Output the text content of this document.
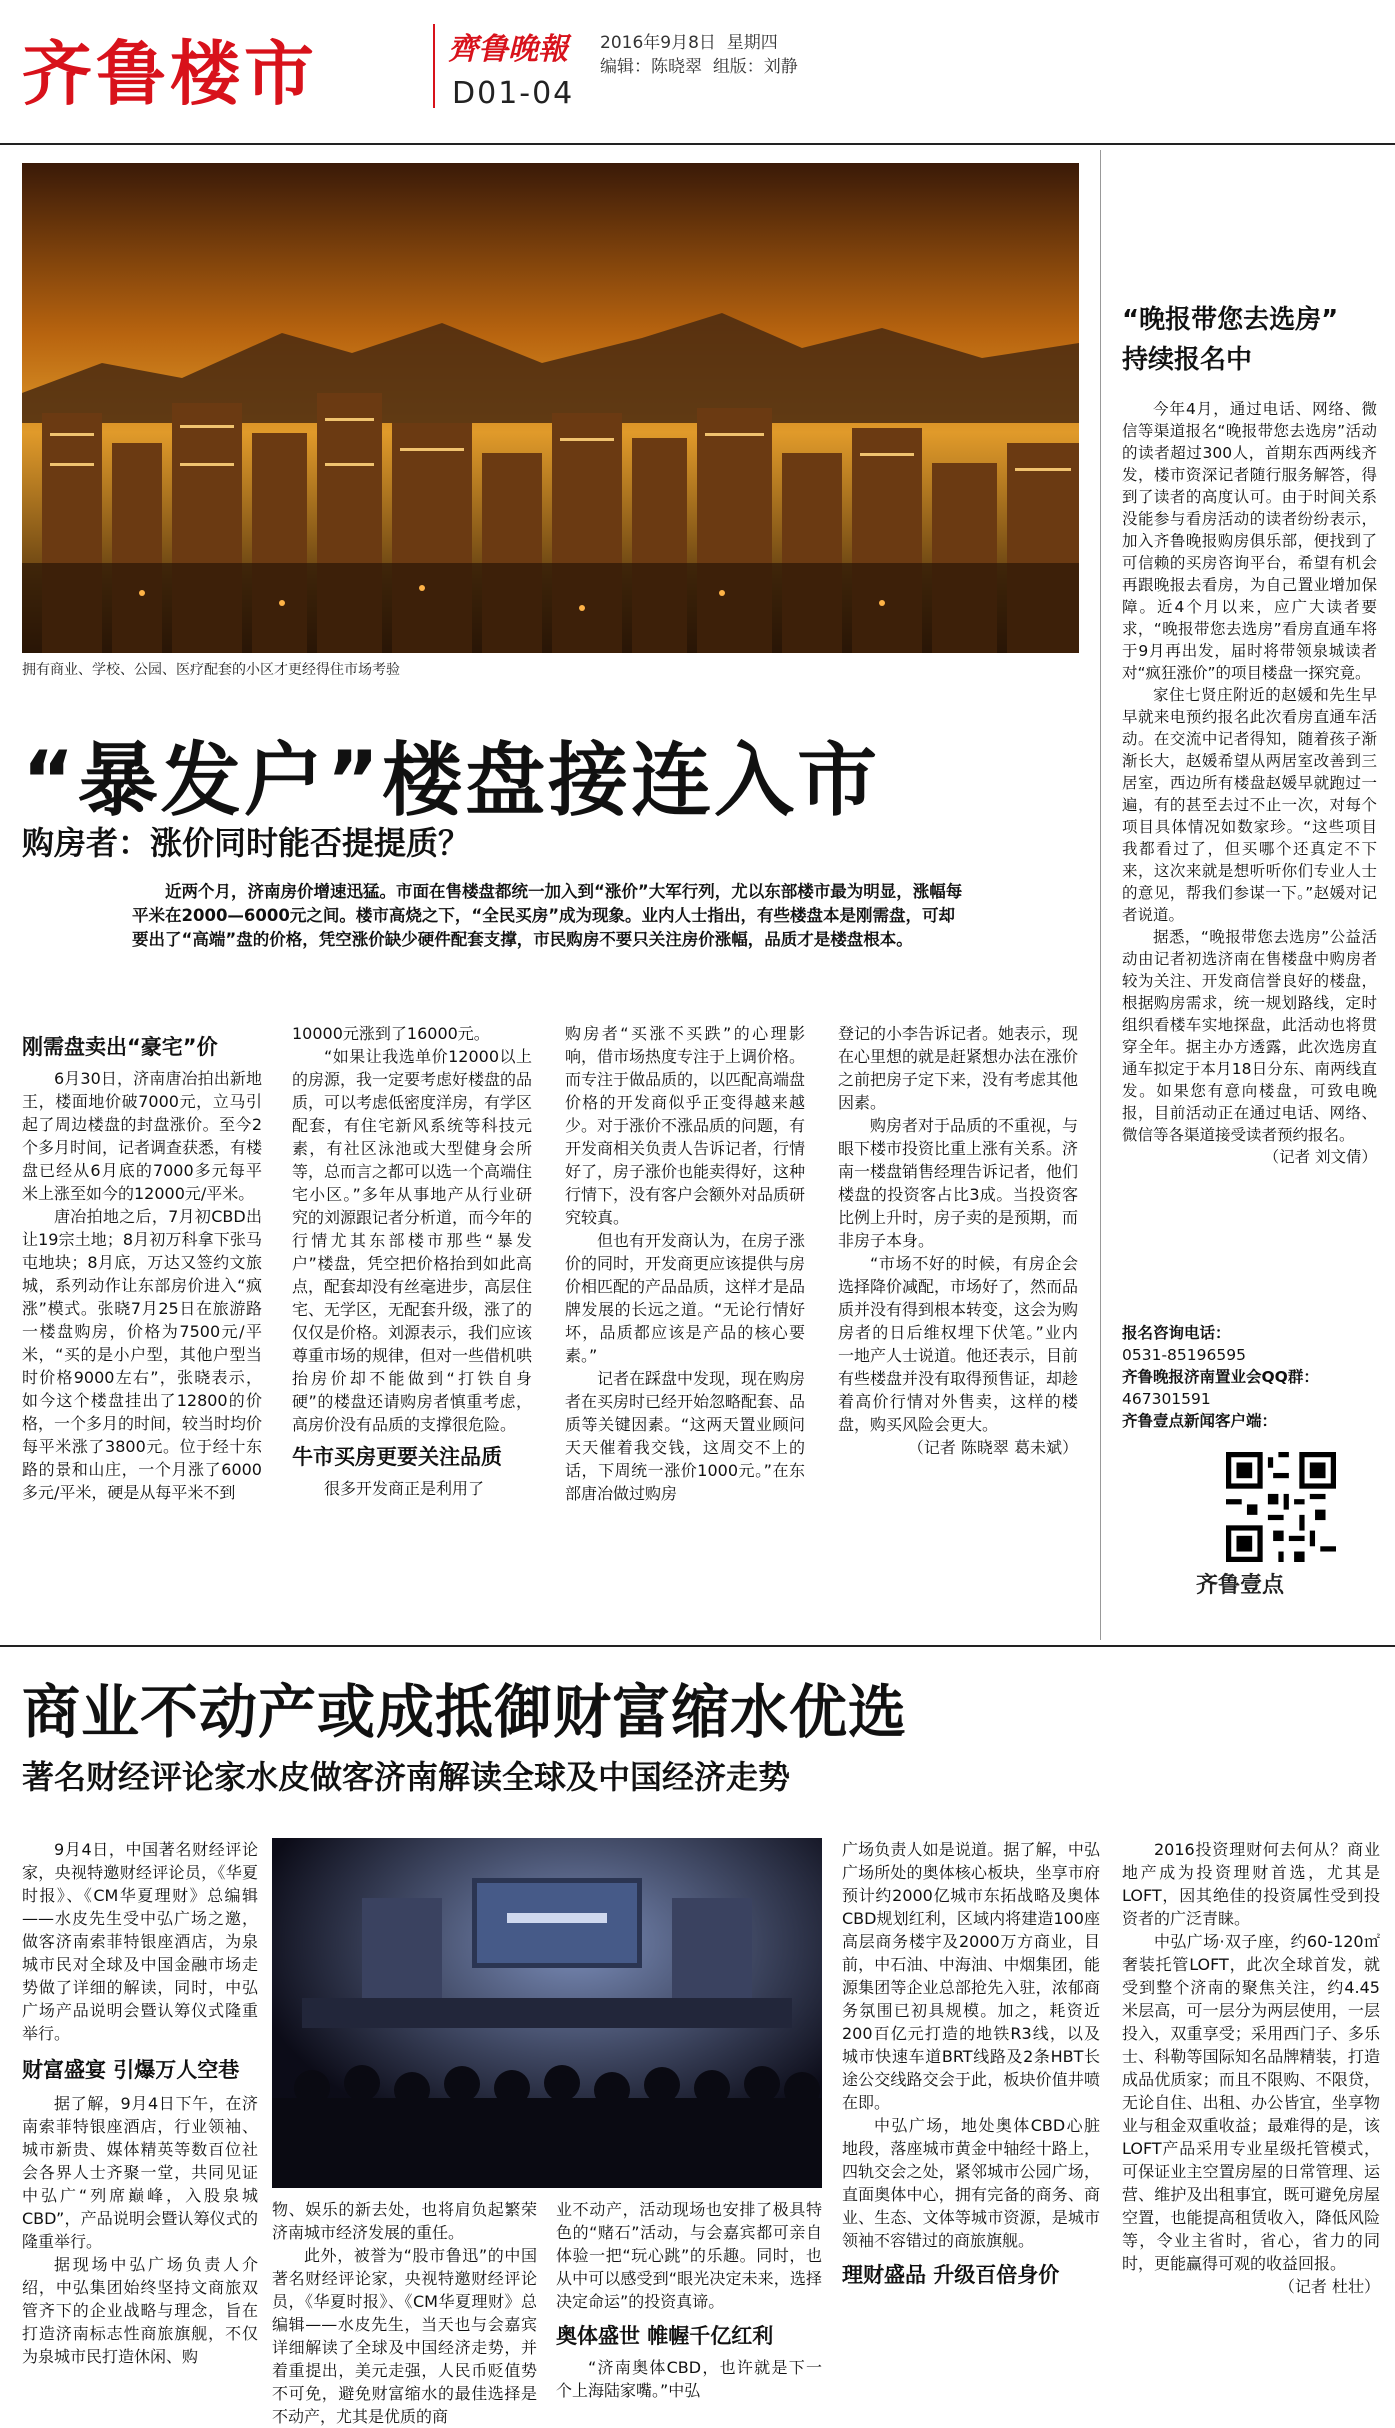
齐鲁楼市	齊鲁晚報 2016年9月8日 星期四
编辑：陈晓翠 组版：刘静
D01-04
拥有商业、学校、公园、医疗配套的小区才更经得住市场考验
“暴发户”楼盘接连入市
购房者：涨价同时能否提提质？
近两个月，济南房价增速迅猛。市面在售楼盘都统一加入到“涨价”大军行列，尤以东部楼市最为明显，涨幅每平米在2000—6000元之间。楼市高烧之下，“全民买房”成为现象。业内人士指出，有些楼盘本是刚需盘，可却要出了“高端”盘的价格，凭空涨价缺少硬件配套支撑，市民购房不要只关注房价涨幅，品质才是楼盘根本。
刚需盘卖出“豪宅”价

6月30日，济南唐冶拍出新地王，楼面地价破7000元，立马引起了周边楼盘的封盘涨价。至今2个多月时间，记者调查获悉，有楼盘已经从6月底的7000多元每平米上涨至如今的12000元/平米。

唐冶拍地之后，7月初CBD出让19宗土地；8月初万科拿下张马屯地块；8月底，万达又签约文旅城，系列动作让东部房价进入“疯涨”模式。张晓7月25日在旅游路一楼盘购房，价格为7500元/平米，“买的是小户型，其他户型当时价格9000左右”，张晓表示，如今这个楼盘挂出了12800的价格，一个多月的时间，较当时均价每平米涨了3800元。位于经十东路的景和山庄，一个月涨了6000多元/平米，硬是从每平米不到

10000元涨到了16000元。

“如果让我选单价12000以上的房源，我一定要考虑好楼盘的品质，可以考虑低密度洋房，有学区配套，有住宅新风系统等科技元素，有社区泳池或大型健身会所等，总而言之都可以选一个高端住宅小区。”多年从事地产从行业研究的刘源跟记者分析道，而今年的行情尤其东部楼市那些“暴发户”楼盘，凭空把价格抬到如此高点，配套却没有丝毫进步，高层住宅、无学区，无配套升级，涨了的仅仅是价格。刘源表示，我们应该尊重市场的规律，但对一些借机哄抬房价却不能做到“打铁自身硬”的楼盘还请购房者慎重考虑，高房价没有品质的支撑很危险。

牛市买房更要关注品质

很多开发商正是利用了

购房者“买涨不买跌”的心理影响，借市场热度专注于上调价格。而专注于做品质的，以匹配高端盘价格的开发商似乎正变得越来越少。对于涨价不涨品质的问题，有开发商相关负责人告诉记者，行情好了，房子涨价也能卖得好，这种行情下，没有客户会额外对品质研究较真。

但也有开发商认为，在房子涨价的同时，开发商更应该提供与房价相匹配的产品品质，这样才是品牌发展的长远之道。“无论行情好坏，品质都应该是产品的核心要素。”

记者在踩盘中发现，现在购房者在买房时已经开始忽略配套、品质等关键因素。“这两天置业顾问天天催着我交钱，这周交不上的话，下周统一涨价1000元。”在东部唐冶做过购房

登记的小李告诉记者。她表示，现在心里想的就是赶紧想办法在涨价之前把房子定下来，没有考虑其他因素。

购房者对于品质的不重视，与眼下楼市投资比重上涨有关系。济南一楼盘销售经理告诉记者，他们楼盘的投资客占比3成。当投资客比例上升时，房子卖的是预期，而非房子本身。

“市场不好的时候，有房企会选择降价减配，市场好了，然而品质并没有得到根本转变，这会为购房者的日后维权埋下伏笔。”业内一地产人士说道。他还表示，目前有些楼盘并没有取得预售证，却趁着高价行情对外售卖，这样的楼盘，购买风险会更大。

（记者 陈晓翠 葛未斌）

“晚报带您去选房”
持续报名中

今年4月，通过电话、网络、微信等渠道报名“晚报带您去选房”活动的读者超过300人，首期东西两线齐发，楼市资深记者随行服务解答，得到了读者的高度认可。由于时间关系没能参与看房活动的读者纷纷表示，加入齐鲁晚报购房俱乐部，便找到了可信赖的买房咨询平台，希望有机会再跟晚报去看房，为自己置业增加保障。近4个月以来，应广大读者要求，“晚报带您去选房”看房直通车将于9月再出发，届时将带领泉城读者对“疯狂涨价”的项目楼盘一探究竟。

家住七贤庄附近的赵媛和先生早早就来电预约报名此次看房直通车活动。在交流中记者得知，随着孩子渐渐长大，赵媛希望从两居室改善到三居室，西边所有楼盘赵媛早就跑过一遍，有的甚至去过不止一次，对每个项目具体情况如数家珍。“这些项目我都看过了，但买哪个还真定不下来，这次来就是想听听你们专业人士的意见，帮我们参谋一下。”赵媛对记者说道。

据悉，“晚报带您去选房”公益活动由记者初选济南在售楼盘中购房者较为关注、开发商信誉良好的楼盘，根据购房需求，统一规划路线，定时组织看楼车实地探盘，此活动也将贯穿全年。据主办方透露，此次选房直通车拟定于本月18日分东、南两线直发。如果您有意向楼盘，可致电晚报，目前活动正在通过电话、网络、微信等各渠道接受读者预约报名。

（记者 刘文倩）

报名咨询电话：
0531-85196595
齐鲁晚报济南置业会QQ群：
467301591
齐鲁壹点新闻客户端：
齐鲁壹点
商业不动产或成抵御财富缩水优选
著名财经评论家水皮做客济南解读全球及中国经济走势

9月4日，中国著名财经评论家，央视特邀财经评论员，《华夏时报》、《CM华夏理财》总编辑——水皮先生受中弘广场之邀，做客济南索菲特银座酒店，为泉城市民对全球及中国金融市场走势做了详细的解读，同时，中弘广场产品说明会暨认筹仪式隆重举行。

财富盛宴 引爆万人空巷

据了解，9月4日下午，在济南索菲特银座酒店，行业领袖、城市新贵、媒体精英等数百位社会各界人士齐聚一堂，共同见证中弘广“列席巅峰，入股泉城CBD”，产品说明会暨认筹仪式的隆重举行。

据现场中弘广场负责人介绍，中弘集团始终坚持文商旅双管齐下的企业战略与理念，旨在打造济南标志性商旅旗舰，不仅为泉城市民打造休闲、购

物、娱乐的新去处，也将肩负起繁荣济南城市经济发展的重任。

此外，被誉为“股市鲁迅”的中国著名财经评论家，央视特邀财经评论员，《华夏时报》、《CM华夏理财》总编辑——水皮先生，当天也与会嘉宾详细解读了全球及中国经济走势，并着重提出，美元走强，人民币贬值势不可免，避免财富缩水的最佳选择是不动产，尤其是优质的商

业不动产，活动现场也安排了极具特色的“赌石”活动，与会嘉宾都可亲自体验一把“玩心跳”的乐趣。同时，也从中可以感受到“眼光决定未来，选择决定命运”的投资真谛。

奥体盛世 帷幄千亿红利

“济南奥体CBD，也许就是下一个上海陆家嘴。”中弘

广场负责人如是说道。据了解，中弘广场所处的奥体核心板块，坐享市府预计约2000亿城市东拓战略及奥体CBD规划红利，区域内将建造100座高层商务楼宇及2000万方商业，目前，中石油、中海油、中烟集团，能源集团等企业总部抢先入驻，浓郁商务氛围已初具规模。加之，耗资近200百亿元打造的地铁R3线，以及城市快速车道BRT线路及2条HBT长途公交线路交会于此，板块价值井喷在即。

中弘广场，地处奥体CBD心脏地段，落座城市黄金中轴经十路上，四轨交会之处，紧邻城市公园广场，直面奥体中心，拥有完备的商务、商业、生态、文体等城市资源，是城市领袖不容错过的商旅旗舰。

理财盛品 升级百倍身价

2016投资理财何去何从？商业地产成为投资理财首选，尤其是LOFT，因其绝佳的投资属性受到投资者的广泛青睐。

中弘广场·双子座，约60-120㎡奢装托管LOFT，此次全球首发，就受到整个济南的聚焦关注，约4.45米层高，可一层分为两层使用，一层投入，双重享受；采用西门子、多乐士、科勒等国际知名品牌精装，打造成品优质家；而且不限购、不限贷，无论自住、出租、办公皆宜，坐享物业与租金双重收益；最难得的是，该LOFT产品采用专业星级托管模式，可保证业主空置房屋的日常管理、运营、维护及出租事宜，既可避免房屋空置，也能提高租赁收入，降低风险等，令业主省时，省心，省力的同时，更能赢得可观的收益回报。

（记者 杜壮）
